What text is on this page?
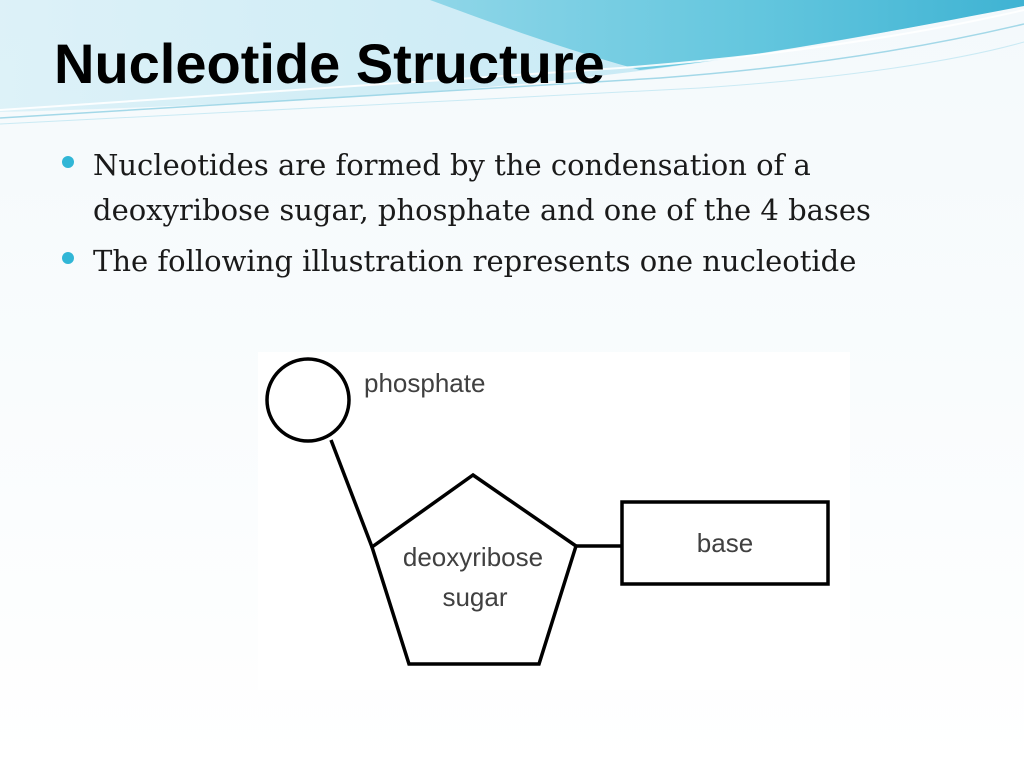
Nucleotide Structure
Nucleotides are formed by the condensation of a deoxyribose sugar, phosphate and one of the 4 bases
The following illustration represents one nucleotide
phosphate
deoxyribose
sugar
base
